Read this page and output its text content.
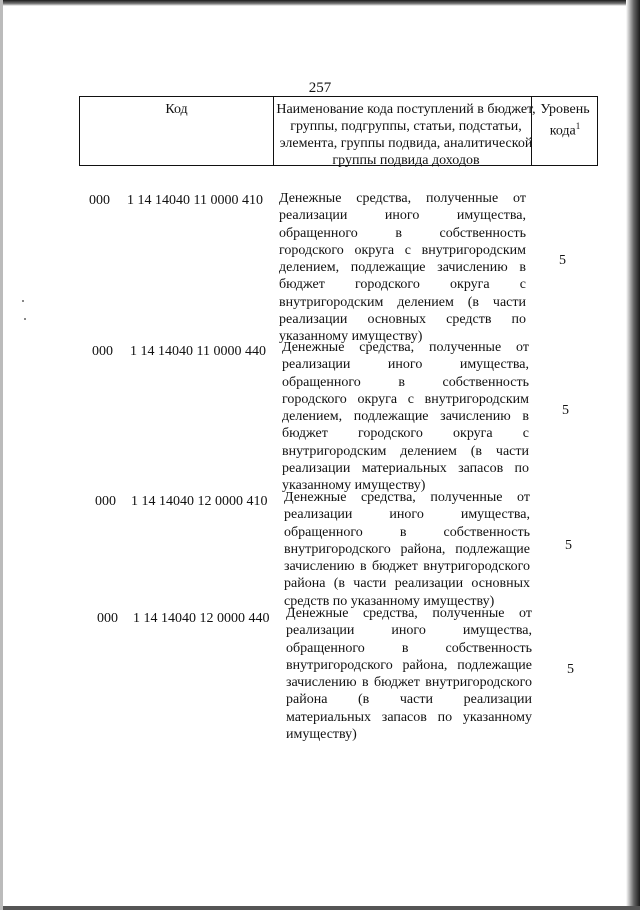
257
Код	Наименование кода поступлений в бюджет, группы, подгруппы, статьи, подстатьи, элемента, группы подвида, аналитической группы подвида доходов
Уровень кода$^1$
000 1 14 14040 11 0000 410 Денежные средства, полученные от реализации иного имущества, обращенного в собственность городского округа с внутригородским делением, подлежащие зачислению в бюджет городского округа с внутригородским делением (в части реализации основных средств по указанному имуществу)
5
000 1 14 14040 11 0000 440 Денежные средства, полученные от реализации иного имущества, обращенного в собственность городского округа с внутригородским делением, подлежащие зачислению в бюджет городского округа с внутригородским делением (в части реализации материальных запасов по указанному имуществу)
5
000 1 14 14040 12 0000 410 Денежные средства, полученные от реализации иного имущества, обращенного в собственность внутригородского района, подлежащие зачислению в бюджет внутригородского района (в части реализации основных средств по указанному имуществу)
5
000 1 14 14040 12 0000 440 Денежные средства, полученные от реализации иного имущества, обращенного в собственность внутригородского района, подлежащие зачислению в бюджет внутригородского района (в части реализации материальных запасов по указанному имуществу)
5
